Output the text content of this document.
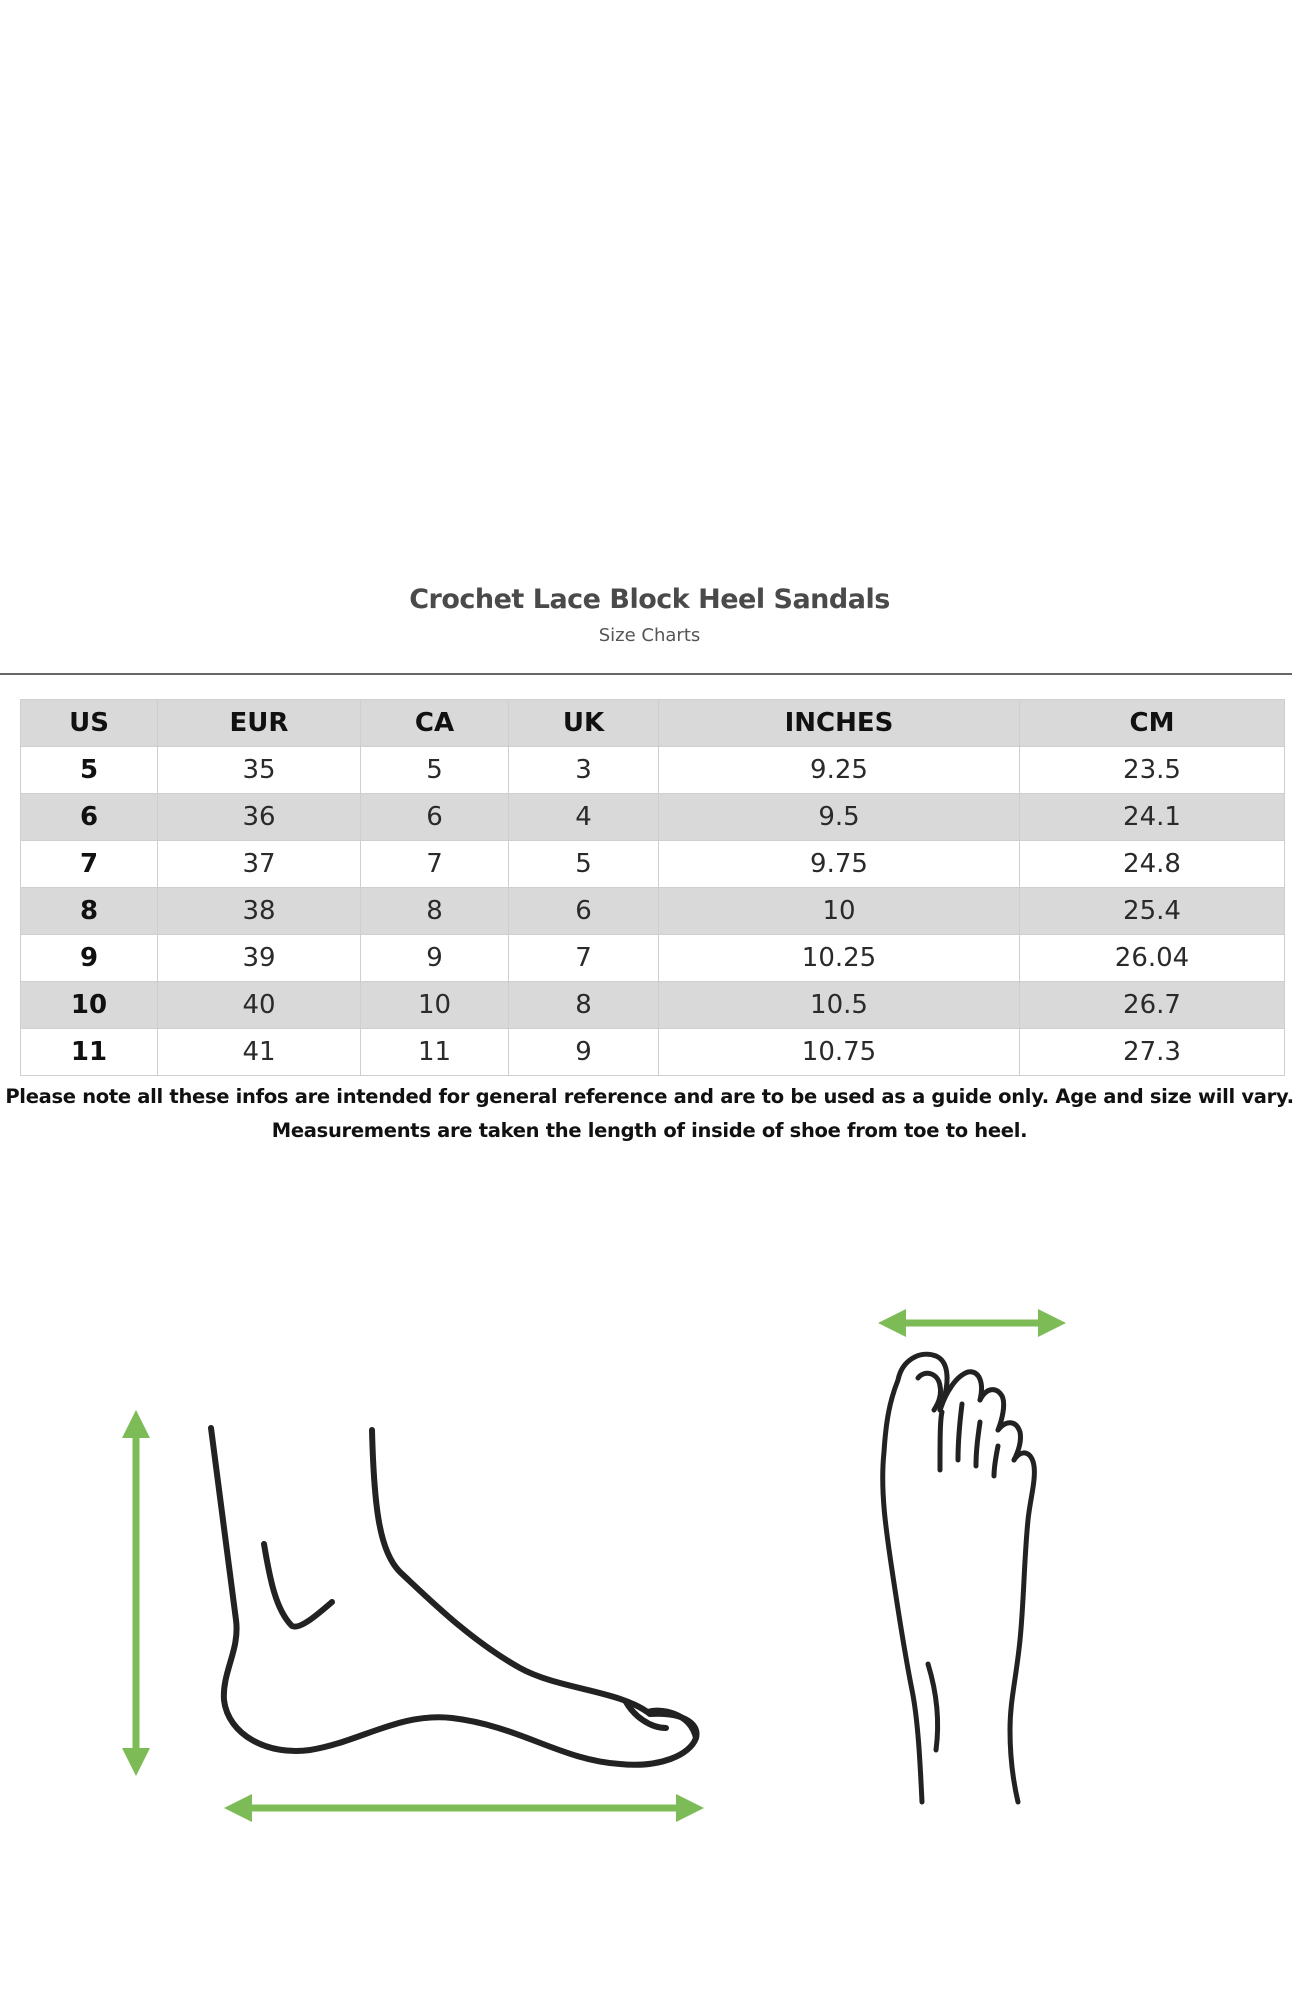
Crochet Lace Block Heel Sandals
Size Charts
US	EUR	CA	UK	INCHES	CM
5	35	5	3	9.25	23.5
6	36	6	4	9.5	24.1
7	37	7	5	9.75	24.8
8	38	8	6	10	25.4
9	39	9	7	10.25	26.04
10	40	10	8	10.5	26.7
11	41	11	9	10.75	27.3
Please note all these infos are intended for general reference and are to be used as a guide only. Age and size will vary.
Measurements are taken the length of inside of shoe from toe to heel.
